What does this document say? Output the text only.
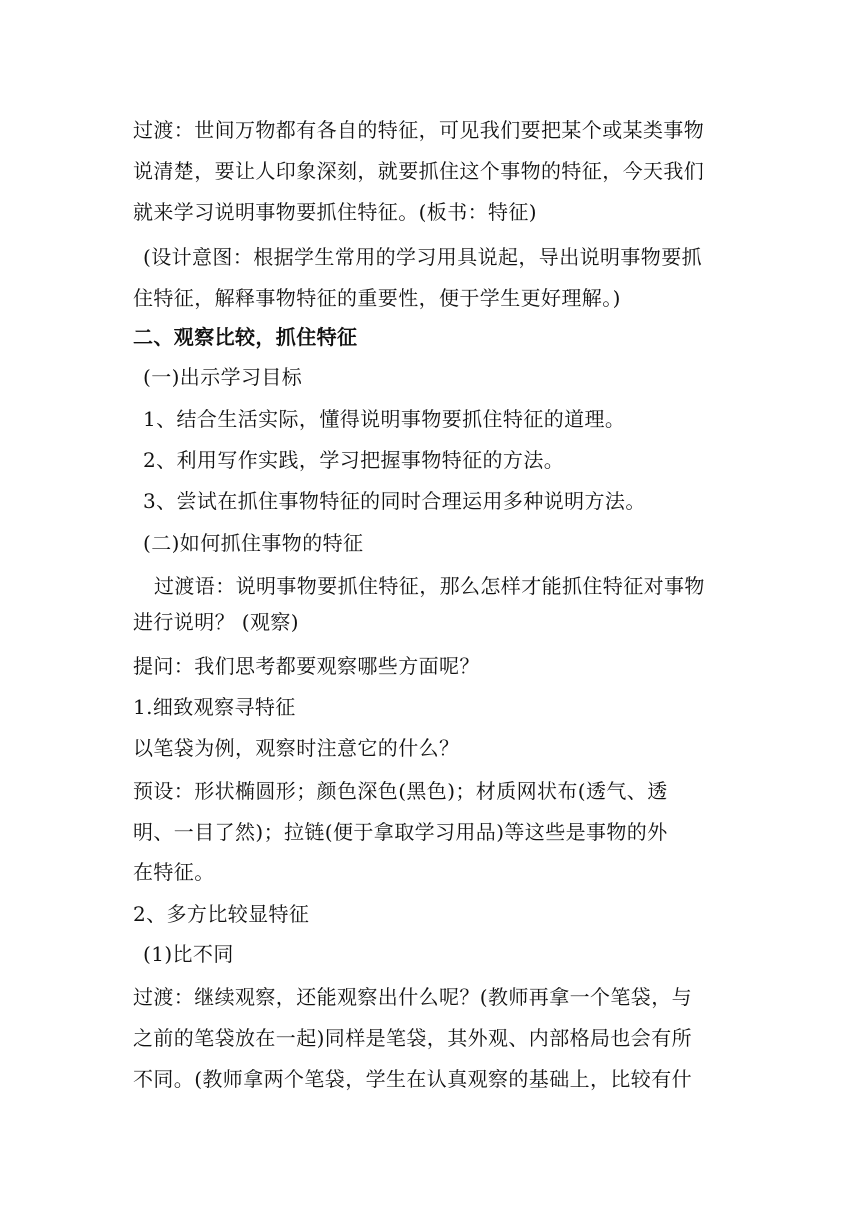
过渡：世间万物都有各自的特征，可见我们要把某个或某类事物
说清楚，要让人印象深刻，就要抓住这个事物的特征，今天我们
就来学习说明事物要抓住特征。(板书：特征)
(设计意图：根据学生常用的学习用具说起，导出说明事物要抓
住特征，解释事物特征的重要性，便于学生更好理解。)
二、观察比较，抓住特征
(一)出示学习目标
1、结合生活实际，懂得说明事物要抓住特征的道理。
2、利用写作实践，学习把握事物特征的方法。
3、尝试在抓住事物特征的同时合理运用多种说明方法。
(二)如何抓住事物的特征
过渡语：说明事物要抓住特征，那么怎样才能抓住特征对事物
进行说明？ (观察)
提问：我们思考都要观察哪些方面呢？
1.细致观察寻特征
以笔袋为例，观察时注意它的什么？
预设：形状椭圆形；颜色深色(黑色)；材质网状布(透气、透
明、一目了然)；拉链(便于拿取学习用品)等这些是事物的外
在特征。
2、多方比较显特征
(1)比不同
过渡：继续观察，还能观察出什么呢？(教师再拿一个笔袋，与
之前的笔袋放在一起)同样是笔袋，其外观、内部格局也会有所
不同。(教师拿两个笔袋，学生在认真观察的基础上，比较有什
